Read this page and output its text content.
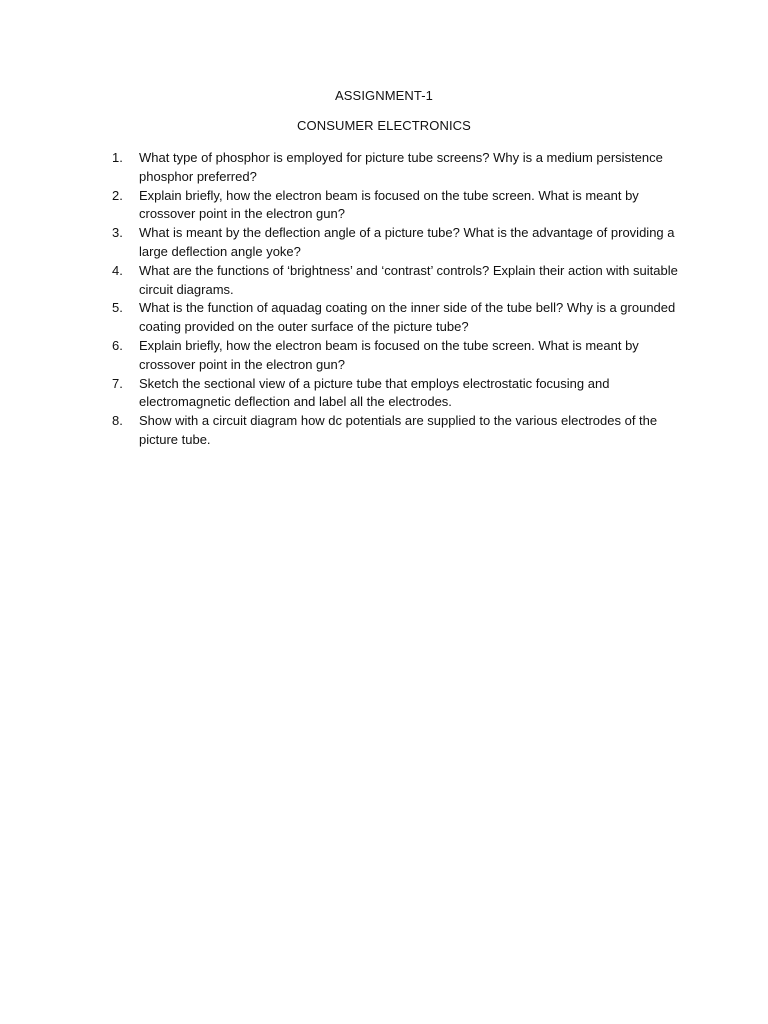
ASSIGNMENT-1
CONSUMER ELECTRONICS
1.	What type of phosphor is employed for picture tube screens? Why is a medium persistence phosphor preferred?
2.	Explain briefly, how the electron beam is focused on the tube screen. What is meant by crossover point in the electron gun?
3.	What is meant by the deflection angle of a picture tube? What is the advantage of providing a large deflection angle yoke?
4.	What are the functions of ‘brightness’ and ‘contrast’ controls? Explain their action with suitable circuit diagrams.
5.	What is the function of aquadag coating on the inner side of the tube bell? Why is a grounded coating provided on the outer surface of the picture tube?
6.	Explain briefly, how the electron beam is focused on the tube screen. What is meant by crossover point in the electron gun?
7.	Sketch the sectional view of a picture tube that employs electrostatic focusing and electromagnetic deflection and label all the electrodes.
8.	Show with a circuit diagram how dc potentials are supplied to the various electrodes of the picture tube.
